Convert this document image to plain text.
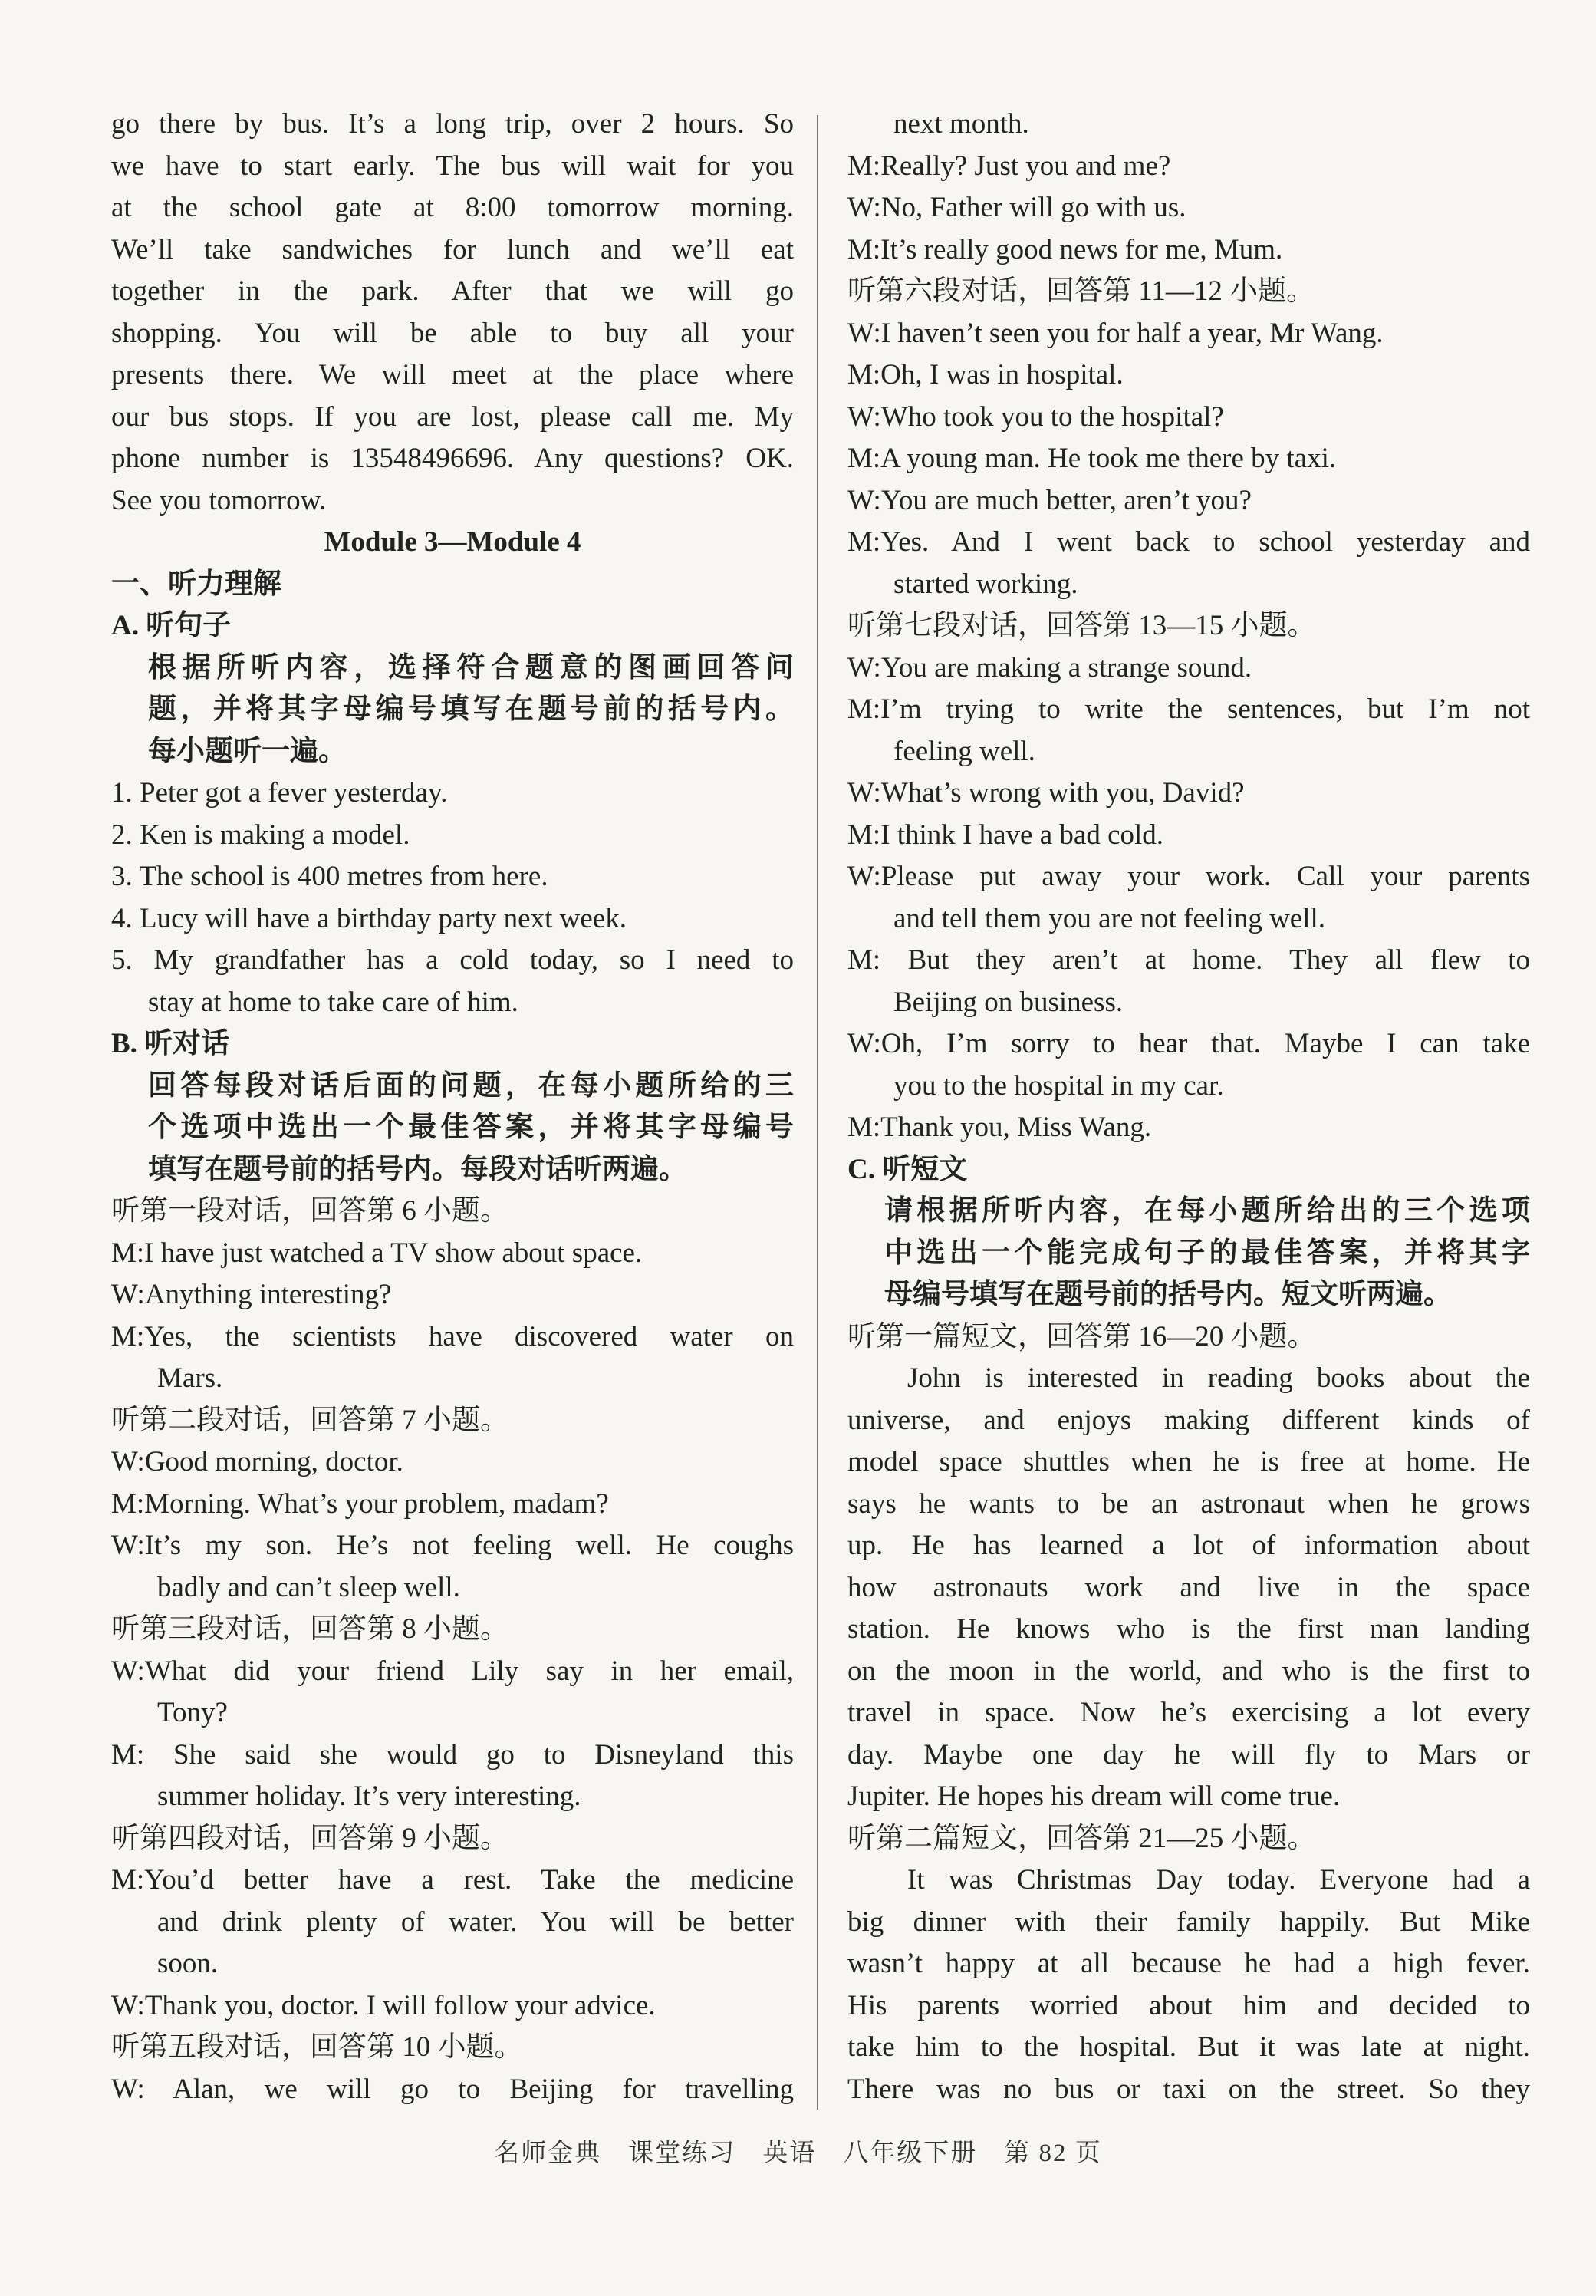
go there by bus. It’s a long trip, over 2 hours. So
we have to start early. The bus will wait for you
at the school gate at 8:00 tomorrow morning.
We’ll take sandwiches for lunch and we’ll eat
together in the park. After that we will go
shopping. You will be able to buy all your
presents there. We will meet at the place where
our bus stops. If you are lost, please call me. My
phone number is 13548496696. Any questions? OK.
See you tomorrow.
Module 3—Module 4
一、听力理解
A. 听句子
根据所听内容，选择符合题意的图画回答问
题，并将其字母编号填写在题号前的括号内。
每小题听一遍。
1. Peter got a fever yesterday.
2. Ken is making a model.
3. The school is 400 metres from here.
4. Lucy will have a birthday party next week.
5. My grandfather has a cold today, so I need to
stay at home to take care of him.
B. 听对话
回答每段对话后面的问题，在每小题所给的三
个选项中选出一个最佳答案，并将其字母编号
填写在题号前的括号内。每段对话听两遍。
听第一段对话，回答第 6 小题。
M:I have just watched a TV show about space.
W:Anything interesting?
M:Yes, the scientists have discovered water on
Mars.
听第二段对话，回答第 7 小题。
W:Good morning, doctor.
M:Morning. What’s your problem, madam?
W:It’s my son. He’s not feeling well. He coughs
badly and can’t sleep well.
听第三段对话，回答第 8 小题。
W:What did your friend Lily say in her email,
Tony?
M: She said she would go to Disneyland this
summer holiday. It’s very interesting.
听第四段对话，回答第 9 小题。
M:You’d better have a rest. Take the medicine
and drink plenty of water. You will be better
soon.
W:Thank you, doctor. I will follow your advice.
听第五段对话，回答第 10 小题。
W: Alan, we will go to Beijing for travelling
next month.
M:Really? Just you and me?
W:No, Father will go with us.
M:It’s really good news for me, Mum.
听第六段对话，回答第 11—12 小题。
W:I haven’t seen you for half a year, Mr Wang.
M:Oh, I was in hospital.
W:Who took you to the hospital?
M:A young man. He took me there by taxi.
W:You are much better, aren’t you?
M:Yes. And I went back to school yesterday and
started working.
听第七段对话，回答第 13—15 小题。
W:You are making a strange sound.
M:I’m trying to write the sentences, but I’m not
feeling well.
W:What’s wrong with you, David?
M:I think I have a bad cold.
W:Please put away your work. Call your parents
and tell them you are not feeling well.
M: But they aren’t at home. They all flew to
Beijing on business.
W:Oh, I’m sorry to hear that. Maybe I can take
you to the hospital in my car.
M:Thank you, Miss Wang.
C. 听短文
请根据所听内容，在每小题所给出的三个选项
中选出一个能完成句子的最佳答案，并将其字
母编号填写在题号前的括号内。短文听两遍。
听第一篇短文，回答第 16—20 小题。
John is interested in reading books about the
universe, and enjoys making different kinds of
model space shuttles when he is free at home. He
says he wants to be an astronaut when he grows
up. He has learned a lot of information about
how astronauts work and live in the space
station. He knows who is the first man landing
on the moon in the world, and who is the first to
travel in space. Now he’s exercising a lot every
day. Maybe one day he will fly to Mars or
Jupiter. He hopes his dream will come true.
听第二篇短文，回答第 21—25 小题。
It was Christmas Day today. Everyone had a
big dinner with their family happily. But Mike
wasn’t happy at all because he had a high fever.
His parents worried about him and decided to
take him to the hospital. But it was late at night.
There was no bus or taxi on the street. So they
名师金典　课堂练习　英语　八年级下册　第 82 页
